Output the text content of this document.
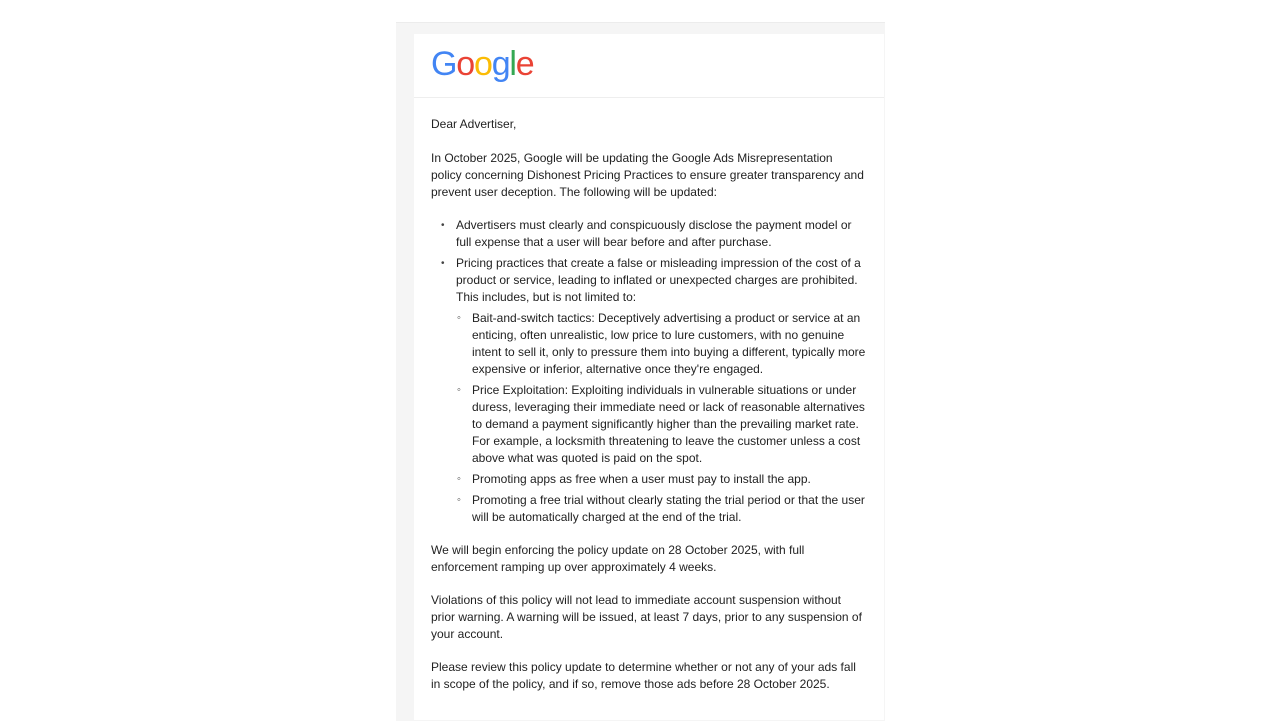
Google

Dear Advertiser,

In October 2025, Google will be updating the Google Ads Misrepresentation policy concerning Dishonest Pricing Practices to ensure greater transparency and prevent user deception. The following will be updated:

• Advertisers must clearly and conspicuously disclose the payment model or full expense that a user will bear before and after purchase.
• Pricing practices that create a false or misleading impression of the cost of a product or service, leading to inflated or unexpected charges are prohibited. This includes, but is not limited to:
◦ Bait-and-switch tactics: Deceptively advertising a product or service at an enticing, often unrealistic, low price to lure customers, with no genuine intent to sell it, only to pressure them into buying a different, typically more expensive or inferior, alternative once they're engaged.
◦ Price Exploitation: Exploiting individuals in vulnerable situations or under duress, leveraging their immediate need or lack of reasonable alternatives to demand a payment significantly higher than the prevailing market rate. For example, a locksmith threatening to leave the customer unless a cost above what was quoted is paid on the spot.
◦ Promoting apps as free when a user must pay to install the app.
◦ Promoting a free trial without clearly stating the trial period or that the user will be automatically charged at the end of the trial.

We will begin enforcing the policy update on 28 October 2025, with full enforcement ramping up over approximately 4 weeks.

Violations of this policy will not lead to immediate account suspension without prior warning. A warning will be issued, at least 7 days, prior to any suspension of your account.

Please review this policy update to determine whether or not any of your ads fall in scope of the policy, and if so, remove those ads before 28 October 2025.
